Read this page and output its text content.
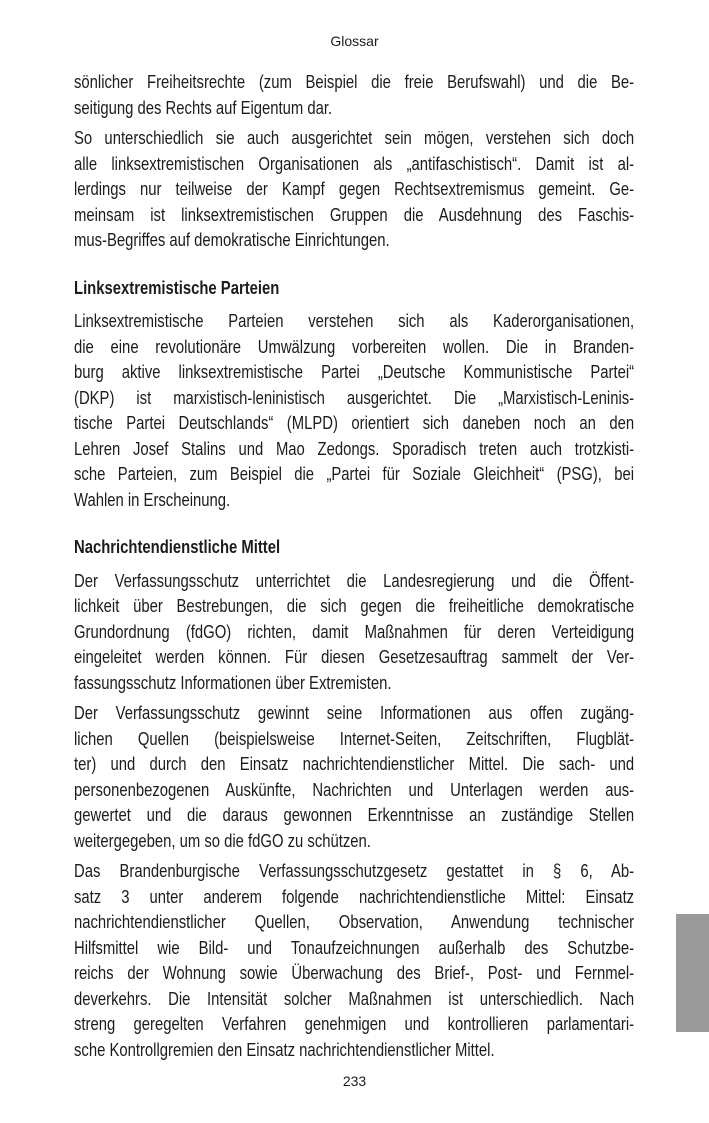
Glossar

sönlicher Freiheitsrechte (zum Beispiel die freie Berufswahl) und die Be-
seitigung des Rechts auf Eigentum dar.

So unterschiedlich sie auch ausgerichtet sein mögen, verstehen sich doch
alle linksextremistischen Organisationen als „antifaschistisch“. Damit ist al-
lerdings nur teilweise der Kampf gegen Rechtsextremismus gemeint. Ge-
meinsam ist linksextremistischen Gruppen die Ausdehnung des Faschis-
mus-Begriffes auf demokratische Einrichtungen.

Linksextremistische Parteien

Linksextremistische Parteien verstehen sich als Kaderorganisationen,
die eine revolutionäre Umwälzung vorbereiten wollen. Die in Branden-
burg aktive linksextremistische Partei „Deutsche Kommunistische Partei“
(DKP) ist marxistisch-leninistisch ausgerichtet. Die „Marxistisch-Leninis-
tische Partei Deutschlands“ (MLPD) orientiert sich daneben noch an den
Lehren Josef Stalins und Mao Zedongs. Sporadisch treten auch trotzkisti-
sche Parteien, zum Beispiel die „Partei für Soziale Gleichheit“ (PSG), bei
Wahlen in Erscheinung.

Nachrichtendienstliche Mittel

Der Verfassungsschutz unterrichtet die Landesregierung und die Öffent-
lichkeit über Bestrebungen, die sich gegen die freiheitliche demokratische
Grundordnung (fdGO) richten, damit Maßnahmen für deren Verteidigung
eingeleitet werden können. Für diesen Gesetzesauftrag sammelt der Ver-
fassungsschutz Informationen über Extremisten.

Der Verfassungsschutz gewinnt seine Informationen aus offen zugäng-
lichen Quellen (beispielsweise Internet-Seiten, Zeitschriften, Flugblät-
ter) und durch den Einsatz nachrichtendienstlicher Mittel. Die sach- und
personenbezogenen Auskünfte, Nachrichten und Unterlagen werden aus-
gewertet und die daraus gewonnen Erkenntnisse an zuständige Stellen
weitergegeben, um so die fdGO zu schützen.

Das Brandenburgische Verfassungsschutzgesetz gestattet in § 6, Ab-
satz 3 unter anderem folgende nachrichtendienstliche Mittel: Einsatz
nachrichtendienstlicher Quellen, Observation, Anwendung technischer
Hilfsmittel wie Bild- und Tonaufzeichnungen außerhalb des Schutzbe-
reichs der Wohnung sowie Überwachung des Brief-, Post- und Fernmel-
deverkehrs. Die Intensität solcher Maßnahmen ist unterschiedlich. Nach
streng geregelten Verfahren genehmigen und kontrollieren parlamentari-
sche Kontrollgremien den Einsatz nachrichtendienstlicher Mittel.

233
